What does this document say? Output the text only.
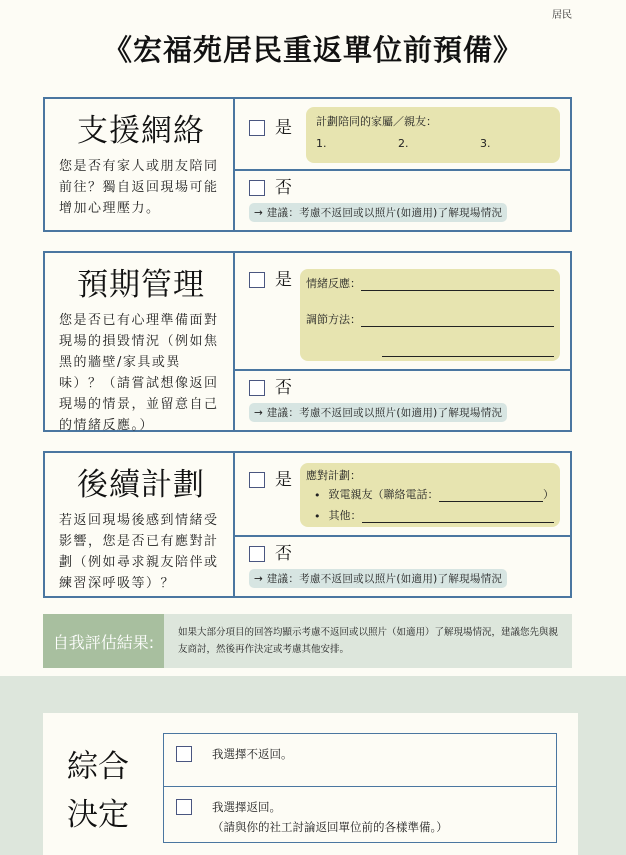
居民
《宏福苑居民重返單位前預備》
支援網絡
您是否有家人或朋友陪同前往？獨自返回現場可能增加心理壓力。
是 計劃陪同的家屬／親友：
1.	2.	3.
否
→ 建議：考慮不返回或以照片(如適用)了解現場情況
預期管理
您是否已有心理準備面對現場的損毀情況（例如焦黑的牆壁/家具或異味）？（請嘗試想像返回現場的情景，並留意自己的情緒反應。）
是 情緒反應：
調節方法：
否
→ 建議：考慮不返回或以照片(如適用)了解現場情況
後續計劃
若返回現場後感到情緒受影響，您是否已有應對計劃（例如尋求親友陪伴或練習深呼吸等）？
是 應對計劃：
• 致電親友（聯絡電話：	）
• 其他：
否
→ 建議：考慮不返回或以照片(如適用)了解現場情況
自我評估結果:	如果大部分項目的回答均顯示考慮不返回或以照片（如適用）了解現場情況，建議您先與親友商討，然後再作決定或考慮其他安排。
綜合
決定
我選擇不返回。
我選擇返回。
（請與你的社工討論返回單位前的各樣準備。）
